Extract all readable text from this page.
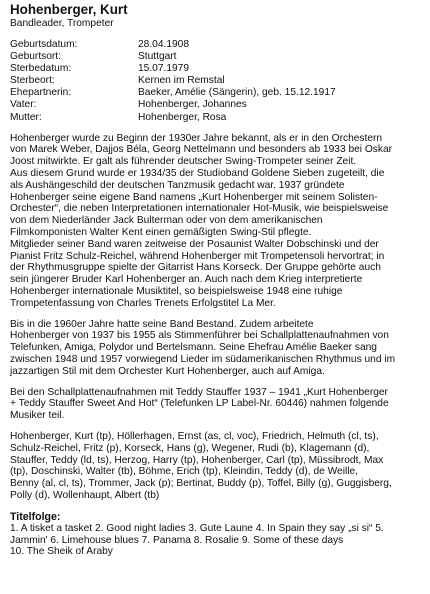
Hohenberger, Kurt

Bandleader, Trompeter

Geburtsdatum:	28.04.1908
Geburtsort:	Stuttgart
Sterbedatum:	15.07.1979
Sterbeort:	Kernen im Remstal
Ehepartnerin:	Baeker, Amélie (Sängerin), geb. 15.12.1917
Vater:	Hohenberger, Johannes
Mutter:	Hohenberger, Rosa

Hohenberger wurde zu Beginn der 1930er Jahre bekannt, als er in den Orchestern
von Marek Weber, Dajjos Béla, Georg Nettelmann und besonders ab 1933 bei Oskar
Joost mitwirkte. Er galt als führender deutscher Swing-Trompeter seiner Zeit.
Aus diesem Grund wurde er 1934/35 der Studioband Goldene Sieben zugeteilt, die
als Aushängeschild der deutschen Tanzmusik gedacht war. 1937 gründete
Hohenberger seine eigene Band namens „Kurt Hohenberger mit seinem Solisten-
Orchester“, die neben Interpretationen internationaler Hot-Musik, wie beispielsweise
von dem Niederländer Jack Bulterman oder von dem amerikanischen
Filmkomponisten Walter Kent einen gemäßigten Swing-Stil pflegte.
Mitglieder seiner Band waren zeitweise der Posaunist Walter Dobschinski und der
Pianist Fritz Schulz-Reichel, während Hohenberger mit Trompetensoli hervortrat; in
der Rhythmusgruppe spielte der Gitarrist Hans Korseck. Der Gruppe gehörte auch
sein jüngerer Bruder Karl Hohenberger an. Auch nach dem Krieg interpretierte
Hohenberger internationale Musiktitel, so beispielsweise 1948 eine ruhige
Trompetenfassung von Charles Trenets Erfolgstitel La Mer.

Bis in die 1960er Jahre hatte seine Band Bestand. Zudem arbeitete
Hohenberger von 1937 bis 1955 als Stimmenführer bei Schallplattenaufnahmen von
Telefunken, Amiga, Polydor und Bertelsmann. Seine Ehefrau Amélie Baeker sang
zwischen 1948 und 1957 vorwiegend Lieder im südamerikanischen Rhythmus und im
jazzartigen Stil mit dem Orchester Kurt Hohenberger, auch auf Amiga.

Bei den Schallplattenaufnahmen mit Teddy Stauffer 1937 – 1941 „Kurt Hohenberger
+ Teddy Stauffer Sweet And Hot“ (Telefunken LP Label-Nr. 60446) nahmen folgende
Musiker teil.

Hohenberger, Kurt (tp), Höllerhagen, Ernst (as, cl, voc), Friedrich, Helmuth (cl, ts),
Schulz-Reichel, Fritz (p), Korseck, Hans (g), Wegener, Rudi (b), Klagemann (d),
Stauffer, Teddy (ld, ts), Herzog, Harry (tp), Hohenberger, Carl (tp), Müssibrodt, Max
(tp), Doschinski, Walter (tb), Böhme, Erich (tp), Kleindin, Teddy (d), de Weille,
Benny (al, cl, ts), Trommer, Jack (p); Bertinat, Buddy (p), Toffel, Billy (g), Guggisberg,
Polly (d), Wollenhaupt, Albert (tb)

Titelfolge:

1. A tisket a tasket 2. Good night ladies 3. Gute Laune 4. In Spain they say „si si“ 5.
Jammin' 6. Limehouse blues 7. Panama 8. Rosalie 9. Some of these days
10. The Sheik of Araby
